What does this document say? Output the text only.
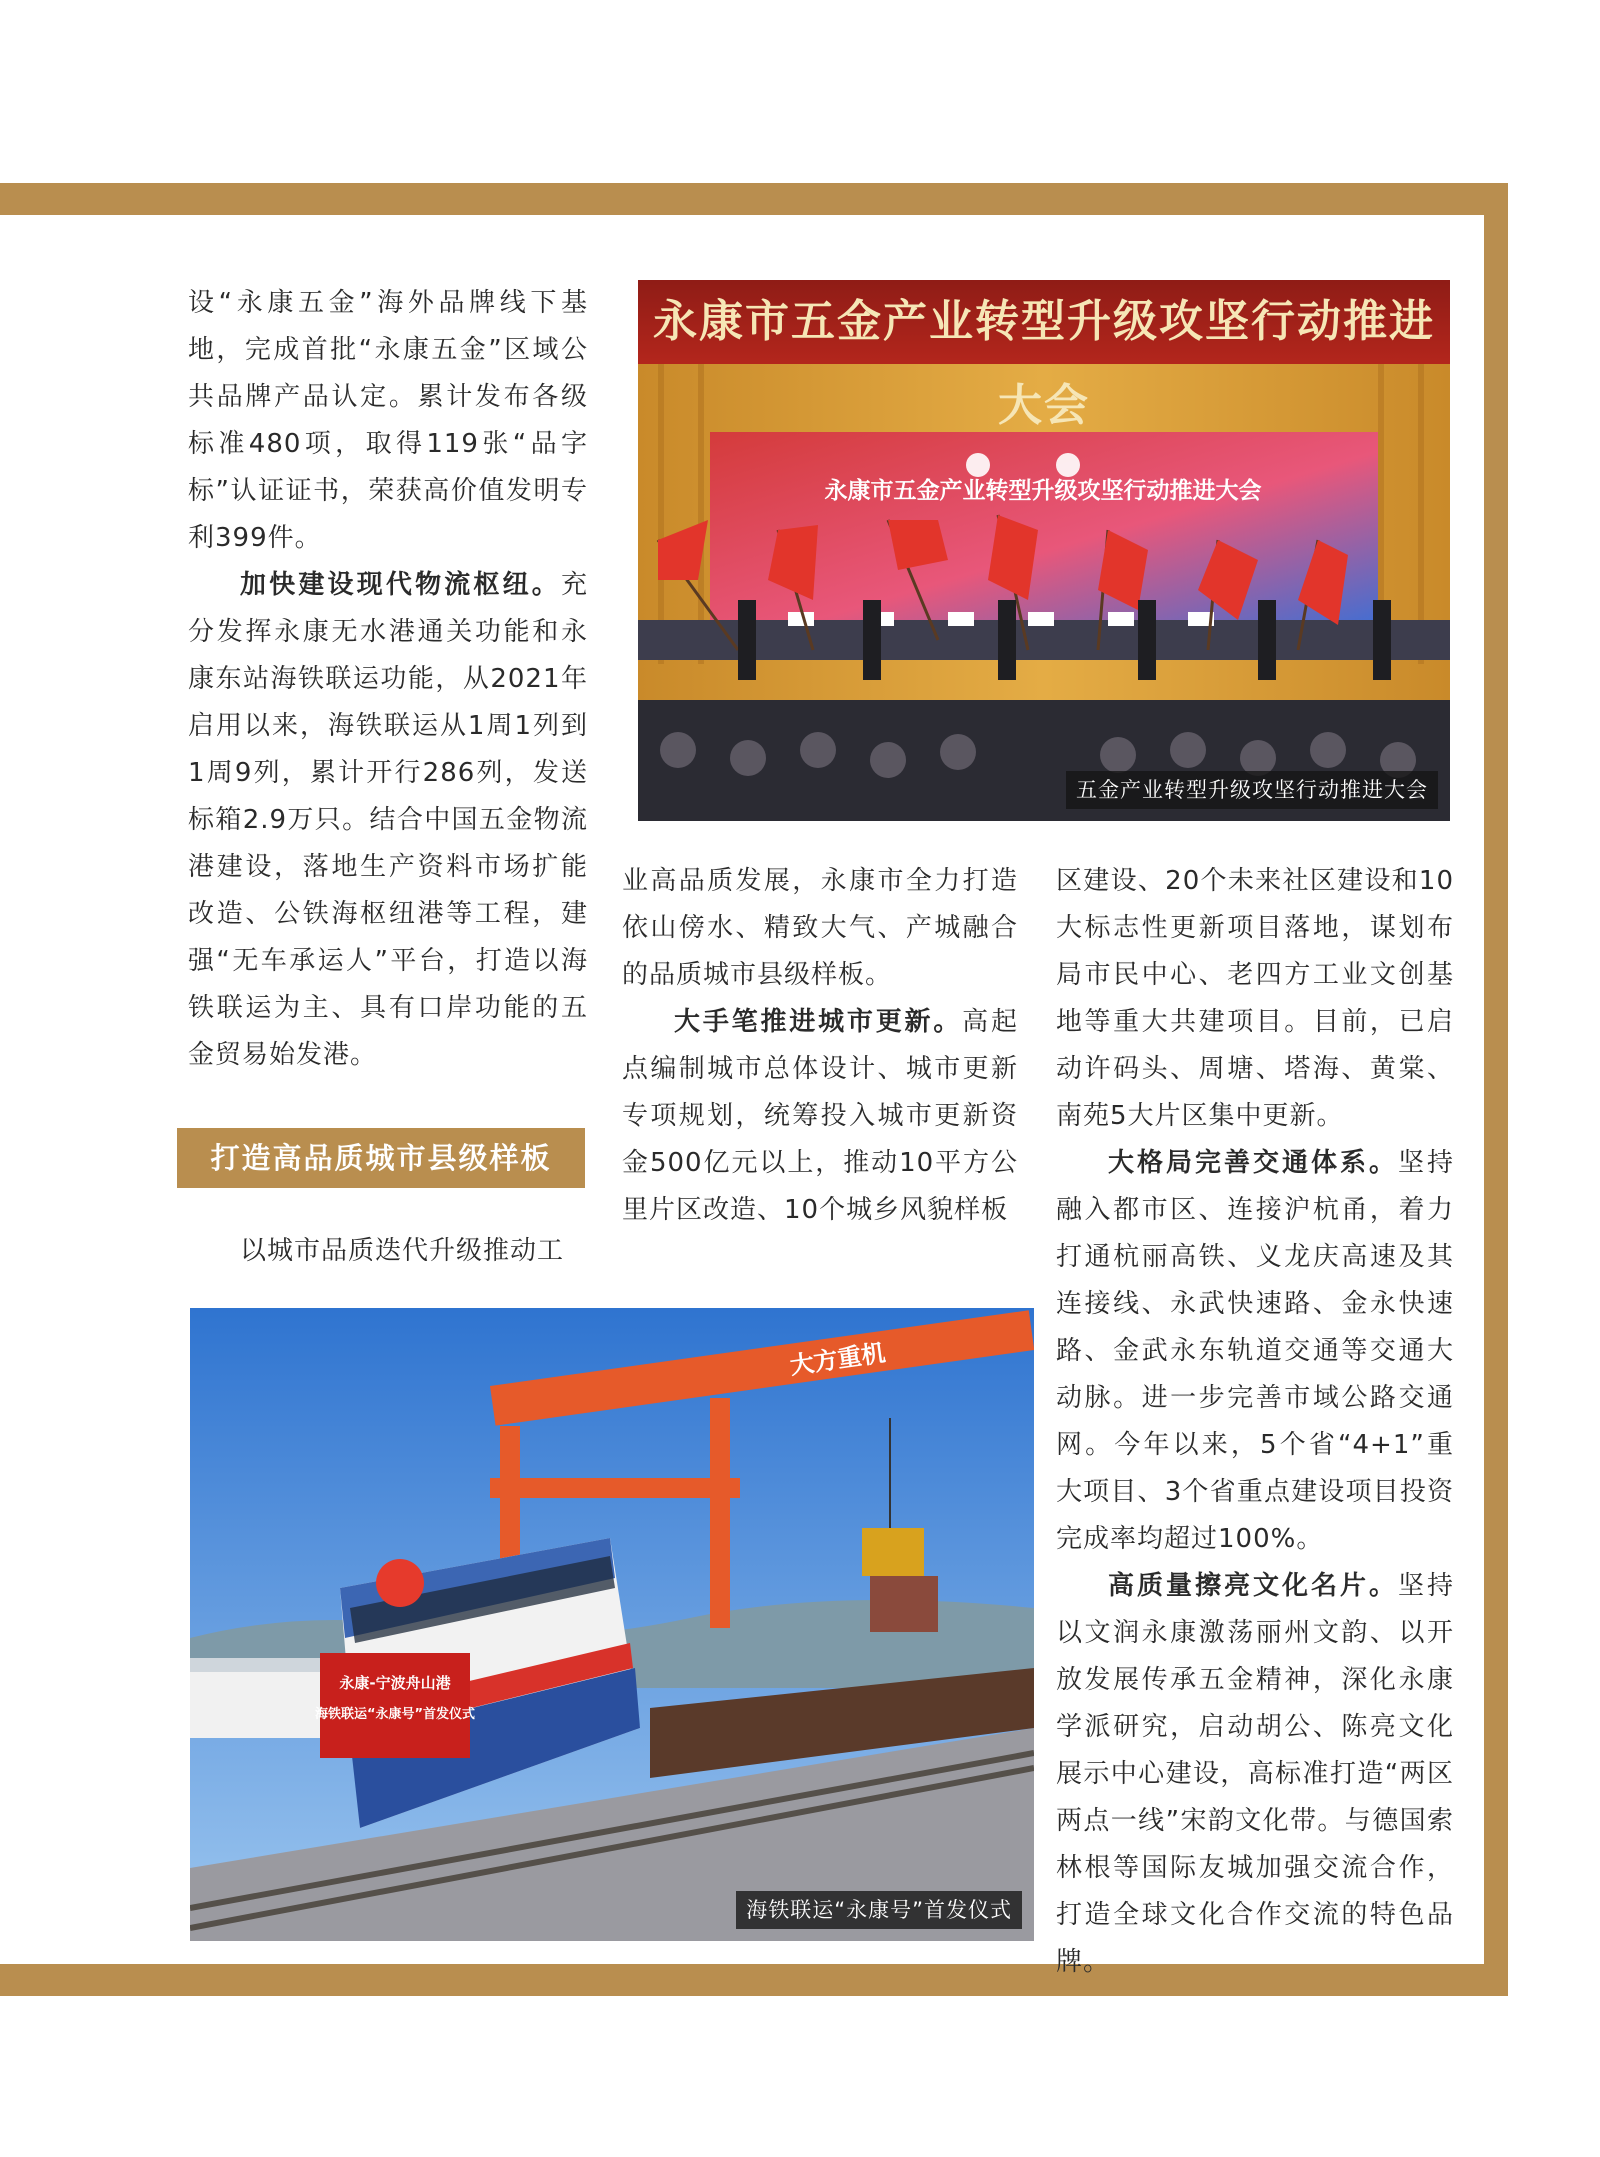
设“永康五金”海外品牌线下基地，完成首批“永康五金”区域公共品牌产品认定。累计发布各级标准480项，取得119张“品字标”认证证书，荣获高价值发明专利399件。

加快建设现代物流枢纽。充分发挥永康无水港通关功能和永康东站海铁联运功能，从2021年启用以来，海铁联运从1周1列到1周9列，累计开行286列，发送标箱2.9万只。结合中国五金物流港建设，落地生产资料市场扩能改造、公铁海枢纽港等工程，建强“无车承运人”平台，打造以海铁联运为主、具有口岸功能的五金贸易始发港。

打造高品质城市县级样板

以城市品质迭代升级推动工

永康市五金产业转型升级攻坚行动推进大会
永康市五金产业转型升级攻坚行动推进大会
五金产业转型升级攻坚行动推进大会

业高品质发展，永康市全力打造依山傍水、精致大气、产城融合的品质城市县级样板。

大手笔推进城市更新。高起点编制城市总体设计、城市更新专项规划，统筹投入城市更新资金500亿元以上，推动10平方公里片区改造、10个城乡风貌样板

区建设、20个未来社区建设和10大标志性更新项目落地，谋划布局市民中心、老四方工业文创基地等重大共建项目。目前，已启动许码头、周塘、塔海、黄棠、南苑5大片区集中更新。

大格局完善交通体系。坚持融入都市区、连接沪杭甬，着力打通杭丽高铁、义龙庆高速及其连接线、永武快速路、金永快速路、金武永东轨道交通等交通大动脉。进一步完善市域公路交通网。今年以来，5个省“4+1”重大项目、3个省重点建设项目投资完成率均超过100%。

高质量擦亮文化名片。坚持以文润永康激荡丽州文韵、以开放发展传承五金精神，深化永康学派研究，启动胡公、陈亮文化展示中心建设，高标准打造“两区两点一线”宋韵文化带。与德国索林根等国际友城加强交流合作，打造全球文化合作交流的特色品牌。

大方重机
永康-宁波舟山港
海铁联运“永康号”首发仪式
海铁联运“永康号”首发仪式
